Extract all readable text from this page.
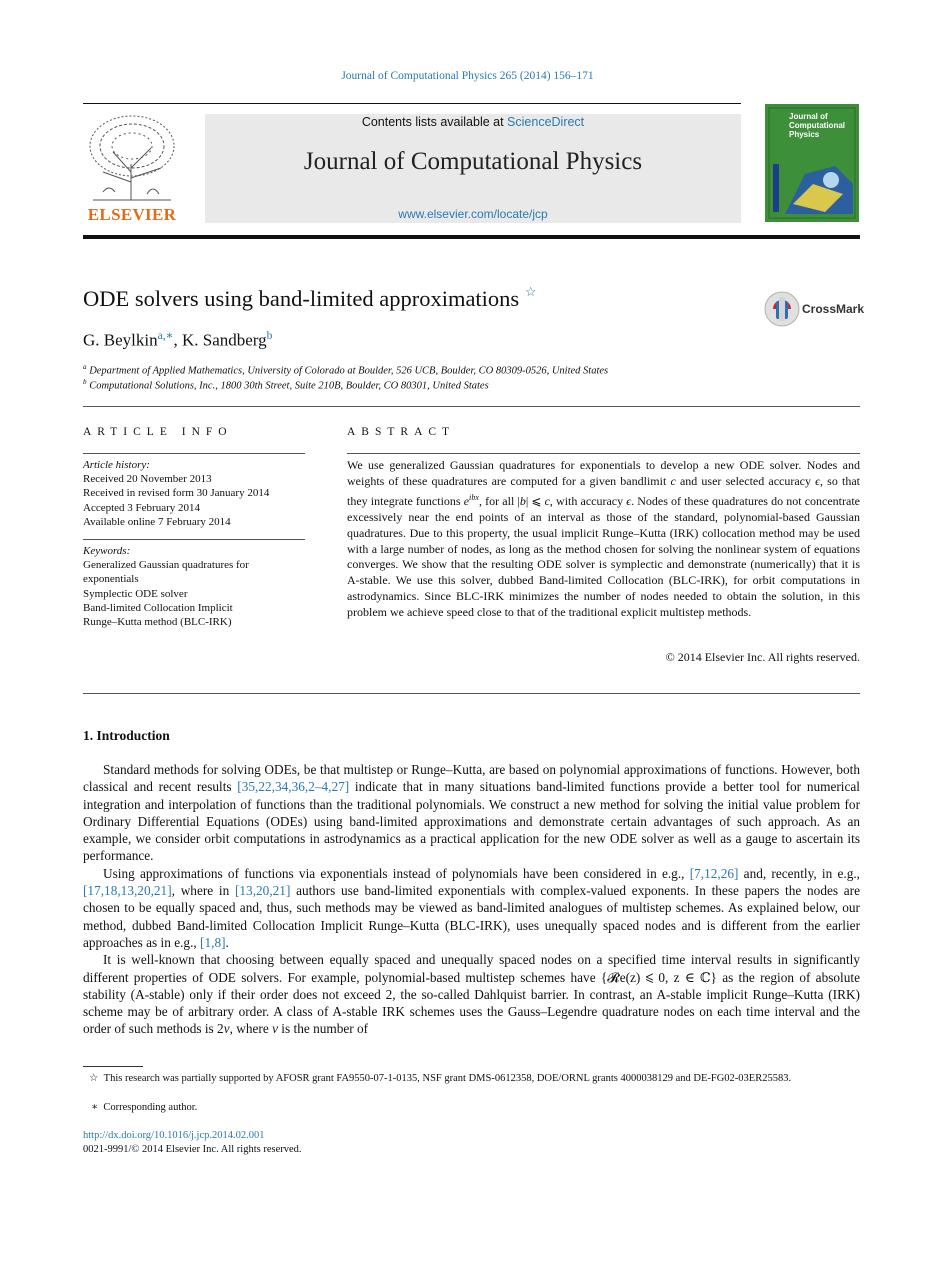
Journal of Computational Physics 265 (2014) 156–171
ELSEVIER
Contents lists available at ScienceDirect
Journal of Computational Physics
www.elsevier.com/locate/jcp
Journal of
Computational
Physics
ODE solvers using band-limited approximations ☆
CrossMark
G. Beylkin$^{a,∗}$, K. Sandberg$^b$
$^a$ Department of Applied Mathematics, University of Colorado at Boulder, 526 UCB, Boulder, CO 80309-0526, United States
$^b$ Computational Solutions, Inc., 1800 30th Street, Suite 210B, Boulder, CO 80301, United States
ARTICLE INFO
Article history:
Received 20 November 2013
Received in revised form 30 January 2014
Accepted 3 February 2014
Available online 7 February 2014
Keywords:
Generalized Gaussian quadratures for
exponentials
Symplectic ODE solver
Band-limited Collocation Implicit
Runge–Kutta method (BLC-IRK)
ABSTRACT
We use generalized Gaussian quadratures for exponentials to develop a new ODE solver. Nodes and weights of these quadratures are computed for a given bandlimit c and user selected accuracy ϵ, so that they integrate functions $e^{ibx}$, for all |b| ⩽ c, with accuracy ϵ. Nodes of these quadratures do not concentrate excessively near the end points of an interval as those of the standard, polynomial-based Gaussian quadratures. Due to this property, the usual implicit Runge–Kutta (IRK) collocation method may be used with a large number of nodes, as long as the method chosen for solving the nonlinear system of equations converges. We show that the resulting ODE solver is symplectic and demonstrate (numerically) that it is A-stable. We use this solver, dubbed Band-limited Collocation (BLC-IRK), for orbit computations in astrodynamics. Since BLC-IRK minimizes the number of nodes needed to obtain the solution, in this problem we achieve speed close to that of the traditional explicit multistep methods.
© 2014 Elsevier Inc. All rights reserved.
1. Introduction

Standard methods for solving ODEs, be that multistep or Runge–Kutta, are based on polynomial approximations of functions. However, both classical and recent results [35,22,34,36,2–4,27] indicate that in many situations band-limited functions provide a better tool for numerical integration and interpolation of functions than the traditional polynomials. We construct a new method for solving the initial value problem for Ordinary Differential Equations (ODEs) using band-limited approximations and demonstrate certain advantages of such approach. As an example, we consider orbit computations in astrodynamics as a practical application for the new ODE solver as well as a gauge to ascertain its performance.

Using approximations of functions via exponentials instead of polynomials have been considered in e.g., [7,12,26] and, recently, in e.g., [17,18,13,20,21], where in [13,20,21] authors use band-limited exponentials with complex-valued exponents. In these papers the nodes are chosen to be equally spaced and, thus, such methods may be viewed as band-limited analogues of multistep schemes. As explained below, our method, dubbed Band-limited Collocation Implicit Runge–Kutta (BLC-IRK), uses unequally spaced nodes and is different from the earlier approaches as in e.g., [1,8].

It is well-known that choosing between equally spaced and unequally spaced nodes on a specified time interval results in significantly different properties of ODE solvers. For example, polynomial-based multistep schemes have {𝓡e(z) ⩽ 0, z ∈ ℂ} as the region of absolute stability (A-stable) only if their order does not exceed 2, the so-called Dahlquist barrier. In contrast, an A-stable implicit Runge–Kutta (IRK) scheme may be of arbitrary order. A class of A-stable IRK schemes uses the Gauss–Legendre quadrature nodes on each time interval and the order of such methods is 2ν, where ν is the number of

☆ This research was partially supported by AFOSR grant FA9550-07-1-0135, NSF grant DMS-0612358, DOE/ORNL grants 4000038129 and DE-FG02-03ER25583.
∗ Corresponding author.
http://dx.doi.org/10.1016/j.jcp.2014.02.001
0021-9991/© 2014 Elsevier Inc. All rights reserved.
